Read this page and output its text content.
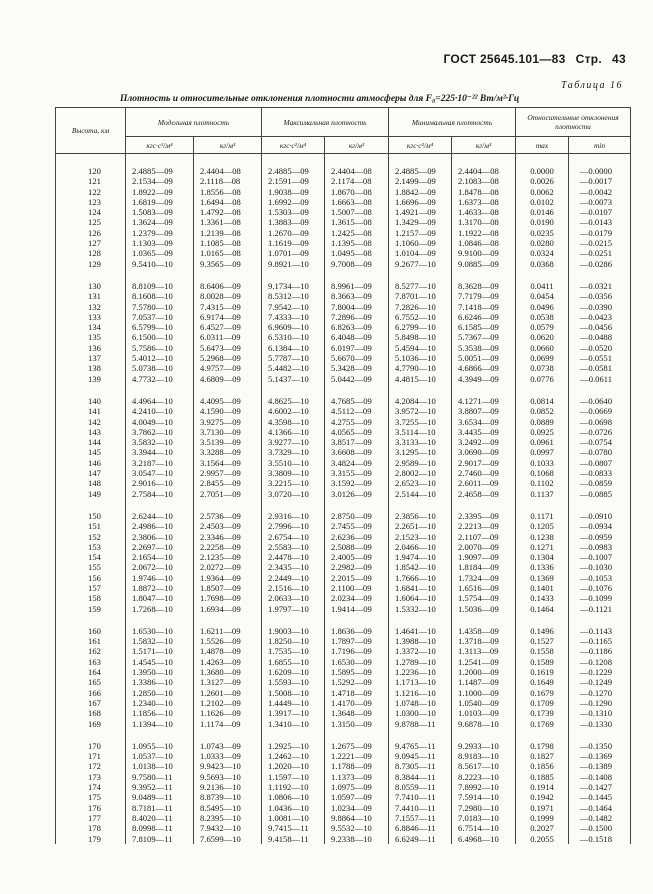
ГОСТ 25645.101—83 Стр. 43
Таблица 16
Плотность и относительные отклонения плотности атмосферы для F₀=225·10⁻²² Вт/м²·Гц
Высота, км	Модельная плотность		Максимальная плотность		Минимальная плотность		Относительные отклонения плотности	
	кгс·с²/м⁴	кг/м³	кгс·с²/м⁴	кг/м³	кгс·с²/м⁴	кг/м³	max	min

120	2.4885—09	2.4404—08	2.4885—09	2.4404—08	2.4885—09	2.4404—08	0.0000	—0.0000
121	2.1534—09	2.1118—08	2.1591—09	2.1174—08	2.1499—09	2.1083—08	0.0026	—0.0017
122	1.8922—09	1.8556—08	1.9038—09	1.8670—08	1.8842—09	1.8478—08	0.0062	—0.0042
123	1.6819—09	1.6494—08	1.6992—09	1.6663—08	1.6696—09	1.6373—08	0.0102	—0.0073
124	1.5083—09	1.4792—08	1.5303—09	1.5007—08	1.4921—09	1.4633—08	0.0146	—0.0107
125	1.3624—09	1.3361—08	1.3883—09	1.3615—08	1.3429—09	1.3170—08	0.0190	—0.0143
126	1.2379—09	1.2139—08	1.2670—09	1.2425—08	1.2157—09	1.1922—08	0.0235	—0.0179
127	1.1303—09	1.1085—08	1.1619—09	1.1395—08	1.1060—09	1.0846—08	0.0280	—0.0215
128	1.0365—09	1.0165—08	1.0701—09	1.0495—08	1.0104—09	9.9100—09	0.0324	—0.0251
129	9.5410—10	9.3565—09	9.8921—10	9.7008—09	9.2677—10	9.0885—09	0.0368	—0.0286

130	8.8109—10	8.6406—09	9.1734—10	8.9961—09	8.5277—10	8.3628—09	0.0411	—0.0321
131	8.1608—10	8.0028—09	8.5312—10	8.3663—09	7.8701—10	7.7179—09	0.0454	—0.0356
132	7.5780—10	7.4315—09	7.9542—10	7.8004—09	7.2826—10	7.1418—09	0.0496	—0.0390
133	7.0537—10	6.9174—09	7.4333—10	7.2896—09	6.7552—10	6.6246—09	0.0538	—0.0423
134	6.5799—10	6.4527—09	6.9609—10	6.8263—09	6.2799—10	6.1585—09	0.0579	—0.0456
135	6.1500—10	6.0311—09	6.5310—10	6.4048—09	5.8498—10	5.7367—09	0.0620	—0.0488
136	5.7586—10	5.6473—09	6.1384—10	6.0197—09	5.4594—10	5.3538—09	0.0660	—0.0520
137	5.4012—10	5.2968—09	5.7787—10	5.6670—09	5.1036—10	5.0051—09	0.0699	—0.0551
138	5.0738—10	4.9757—09	5.4482—10	5.3428—09	4.7790—10	4.6866—09	0.0738	—0.0581
139	4.7732—10	4.6809—09	5.1437—10	5.0442—09	4.4815—10	4.3949—09	0.0776	—0.0611

140	4.4964—10	4.4095—09	4.8625—10	4.7685—09	4.2084—10	4.1271—09	0.0814	—0.0640
141	4.2410—10	4.1590—09	4.6002—10	4.5112—09	3.9572—10	3.8807—09	0.0852	—0.0669
142	4.0049—10	3.9275—09	4.3598—10	4.2755—09	3.7255—10	3.6534—09	0.0889	—0.0698
143	3.7862—10	3.7130—09	4.1366—10	4.0565—09	3.5114—10	3.4435—09	0.0925	—0.0726
144	3.5832—10	3.5139—09	3.9277—10	3.8517—09	3.3133—10	3.2492—09	0.0961	—0.0754
145	3.3944—10	3.3288—09	3.7329—10	3.6608—09	3.1295—10	3.0690—09	0.0997	—0.0780
146	3.2187—10	3.1564—09	3.5510—10	3.4824—09	2.9589—10	2.9017—09	0.1033	—0.0807
147	3.0547—10	2.9957—09	3.3809—10	3.3155—09	2.8002—10	2.7460—09	0.1068	—0.0833
148	2.9016—10	2.8455—09	3.2215—10	3.1592—09	2.6523—10	2.6011—09	0.1102	—0.0859
149	2.7584—10	2.7051—09	3.0720—10	3.0126—09	2.5144—10	2.4658—09	0.1137	—0.0885

150	2.6244—10	2.5736—09	2.9316—10	2.8750—09	2.3856—10	2.3395—09	0.1171	—0.0910
151	2.4986—10	2.4503—09	2.7996—10	2.7455—09	2.2651—10	2.2213—09	0.1205	—0.0934
152	2.3806—10	2.3346—09	2.6754—10	2.6236—09	2.1523—10	2.1107—09	0.1238	—0.0959
153	2.2697—10	2.2258—09	2.5583—10	2.5088—09	2.0466—10	2.0070—09	0.1271	—0.0983
154	2.1654—10	2.1235—09	2.4478—10	2.4005—09	1.9474—10	1.9097—09	0.1304	—0.1007
155	2.0672—10	2.0272—09	2.3435—10	2.2982—09	1.8542—10	1.8184—09	0.1336	—0.1030
156	1.9746—10	1.9364—09	2.2449—10	2.2015—09	1.7666—10	1.7324—09	0.1369	—0.1053
157	1.8872—10	1.8507—09	2.1516—10	2.1100—09	1.6841—10	1.6516—09	0.1401	—0.1076
158	1.8047—10	1.7698—09	2.0633—10	2.0234—09	1.6064—10	1.5754—09	0.1433	—0.1099
159	1.7268—10	1.6934—09	1.9797—10	1.9414—09	1.5332—10	1.5036—09	0.1464	—0.1121

160	1.6530—10	1.6211—09	1.9003—10	1.8636—09	1.4641—10	1.4358—09	0.1496	—0.1143
161	1.5832—10	1.5526—09	1.8250—10	1.7897—09	1.3988—10	1.3718—09	0.1527	—0.1165
162	1.5171—10	1.4878—09	1.7535—10	1.7196—09	1.3372—10	1.3113—09	0.1558	—0.1186
163	1.4545—10	1.4263—09	1.6855—10	1.6530—09	1.2789—10	1.2541—09	0.1589	—0.1208
164	1.3950—10	1.3680—09	1.6209—10	1.5895—09	1.2236—10	1.2000—09	0.1619	—0.1229
165	1.3386—10	1.3127—09	1.5593—10	1.5292—09	1.1713—10	1.1487—09	0.1649	—0.1249
166	1.2850—10	1.2601—09	1.5008—10	1.4718—09	1.1216—10	1.1000—09	0.1679	—0.1270
167	1.2340—10	1.2102—09	1.4449—10	1.4170—09	1.0748—10	1.0540—09	0.1709	—0.1290
168	1.1856—10	1.1626—09	1.3917—10	1.3648—09	1.0300—10	1.0103—09	0.1739	—0.1310
169	1.1394—10	1.1174—09	1.3410—10	1.3150—09	9.8788—11	9.6878—10	0.1769	—0.1330

170	1.0955—10	1.0743—09	1.2925—10	1.2675—09	9.4765—11	9.2933—10	0.1798	—0.1350
171	1.0537—10	1.0333—09	1.2462—10	1.2221—09	9.0945—11	8.9183—10	0.1827	—0.1369
172	1.0138—10	9.9423—10	1.2020—10	1.1788—09	8.7305—11	8.5617—10	0.1856	—0.1389
173	9.7580—11	9.5693—10	1.1597—10	1.1373—09	8.3844—11	8.2223—10	0.1885	—0.1408
174	9.3952—11	9.2136—10	1.1192—10	1.0975—09	8.0559—11	7.8992—10	0.1914	—0.1427
175	9.0489—11	8.8739—10	1.0806—10	1.0597—09	7.7410—11	7.5914—10	0.1942	—0.1445
176	8.7181—11	8.5495—10	1.0436—10	1.0234—09	7.4410—11	7.2980—10	0.1971	—0.1464
177	8.4020—11	8.2395—10	1.0081—10	9.8864—10	7.1557—11	7.0183—10	0.1999	—0.1482
178	8.0998—11	7.9432—10	9.7415—11	9.5532—10	6.8846—11	6.7514—10	0.2027	—0.1500
179	7.8109—11	7.6599—10	9.4158—11	9.2338—10	6.6249—11	6.4968—10	0.2055	—0.1518
